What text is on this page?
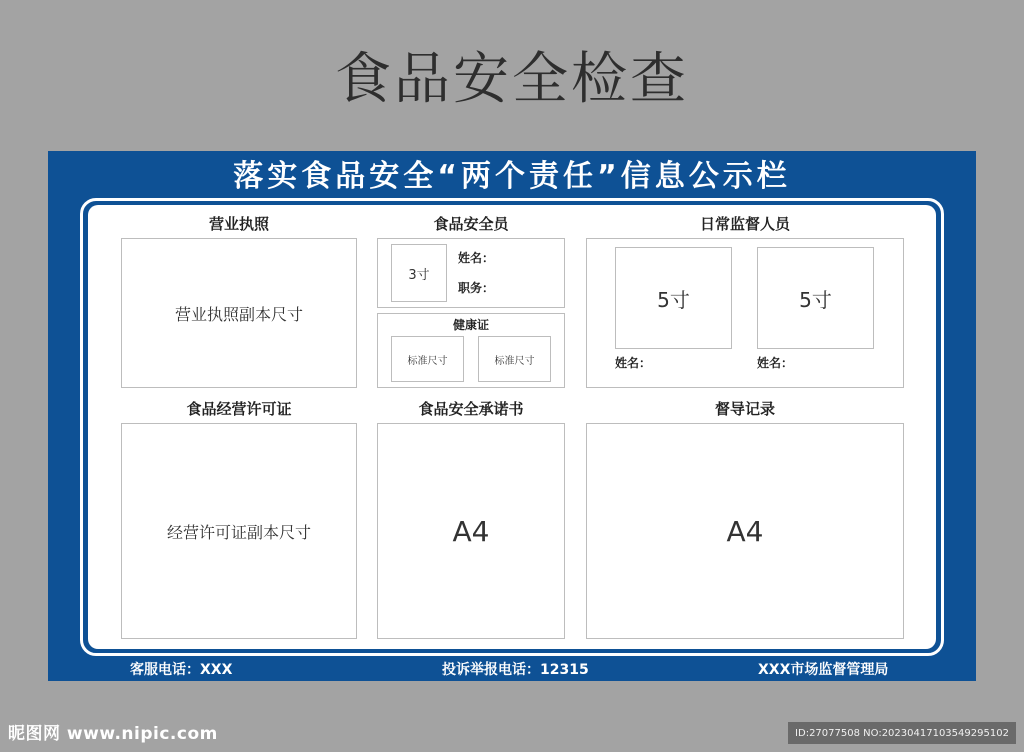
食品安全检查
落实食品安全“两个责任”信息公示栏
营业执照
营业执照副本尺寸
食品安全员
3寸
姓名：
职务：
健康证
标准尺寸	标准尺寸
日常监督人员
5寸	5寸
姓名：	姓名：
食品经营许可证
经营许可证副本尺寸
食品安全承诺书
A4
督导记录
A4
客服电话：XXX	投诉举报电话：12315	XXX市场监督管理局
昵图网 www.nipic.com	ID:27077508 NO:20230417103549295102
